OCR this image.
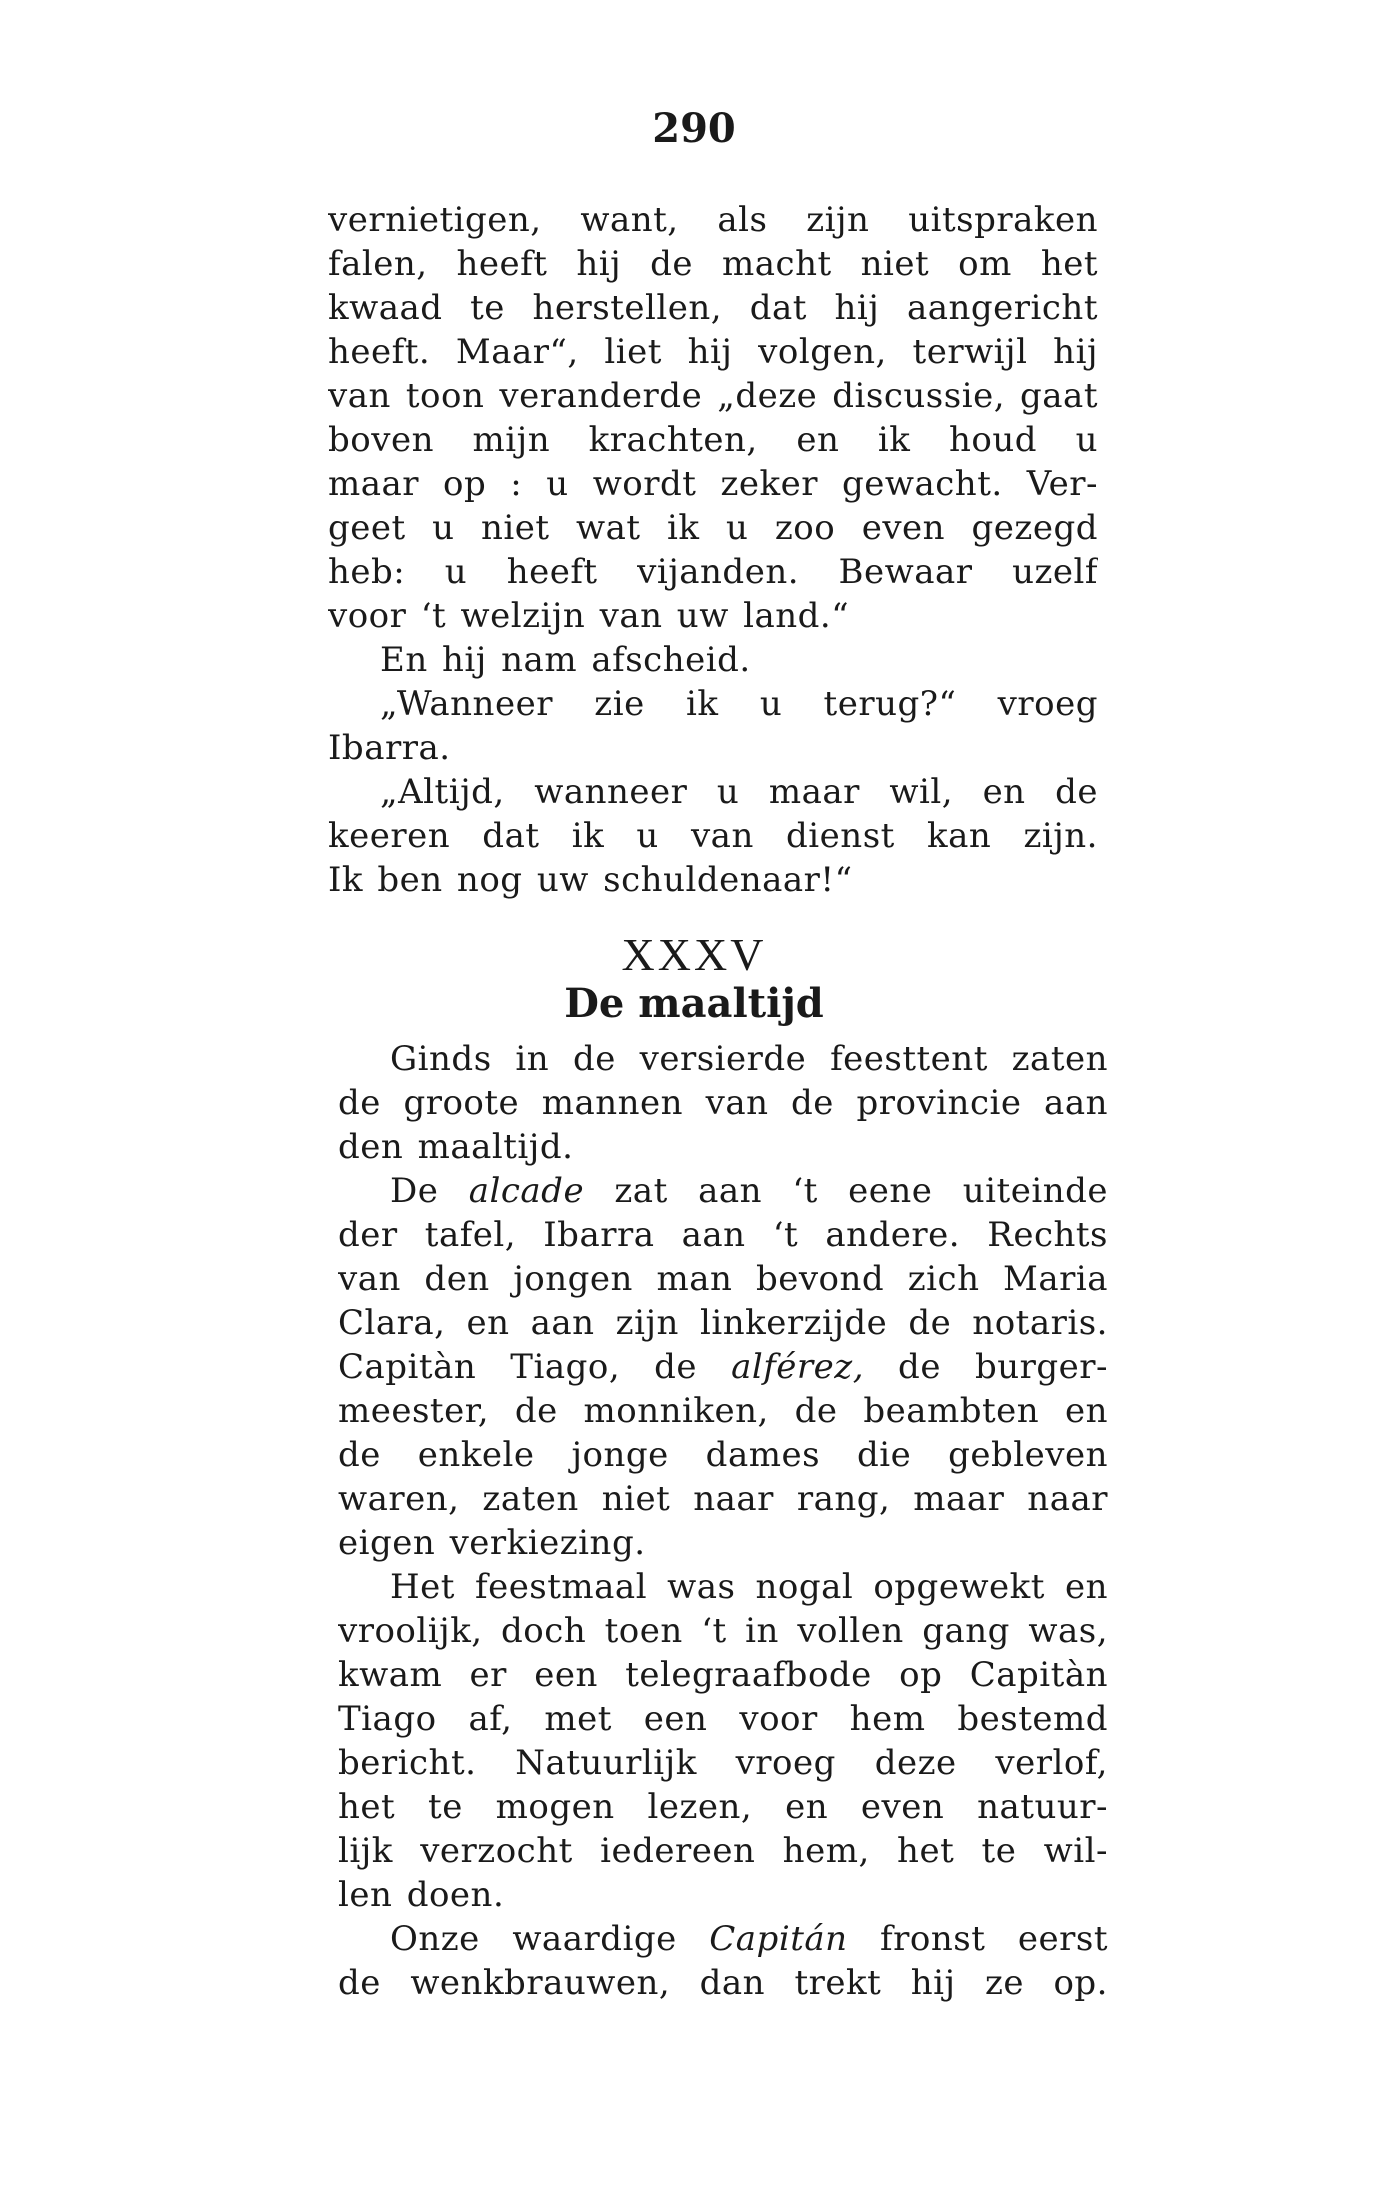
290
vernietigen, want, als zijn uitspraken
falen, heeft hij de macht niet om het
kwaad te herstellen, dat hij aangericht
heeft. Maar“, liet hij volgen, terwijl hij
van toon veranderde „deze discussie, gaat
boven mijn krachten, en ik houd u
maar op : u wordt zeker gewacht. Ver-
geet u niet wat ik u zoo even gezegd
heb: u heeft vijanden. Bewaar uzelf
voor ‘t welzijn van uw land.“
En hij nam afscheid.
„Wanneer zie ik u terug?“ vroeg
Ibarra.
„Altijd, wanneer u maar wil, en de
keeren dat ik u van dienst kan zijn.
Ik ben nog uw schuldenaar!“
XXXV
De maaltijd
Ginds in de versierde feesttent zaten
de groote mannen van de provincie aan
den maaltijd.
De alcade zat aan ‘t eene uiteinde
der tafel, Ibarra aan ‘t andere. Rechts
van den jongen man bevond zich Maria
Clara, en aan zijn linkerzijde de notaris.
Capitàn Tiago, de alférez, de burger-
meester, de monniken, de beambten en
de enkele jonge dames die gebleven
waren, zaten niet naar rang, maar naar
eigen verkiezing.
Het feestmaal was nogal opgewekt en
vroolijk, doch toen ‘t in vollen gang was,
kwam er een telegraafbode op Capitàn
Tiago af, met een voor hem bestemd
bericht. Natuurlijk vroeg deze verlof,
het te mogen lezen, en even natuur-
lijk verzocht iedereen hem, het te wil-
len doen.
Onze waardige Capitán fronst eerst
de wenkbrauwen, dan trekt hij ze op.
